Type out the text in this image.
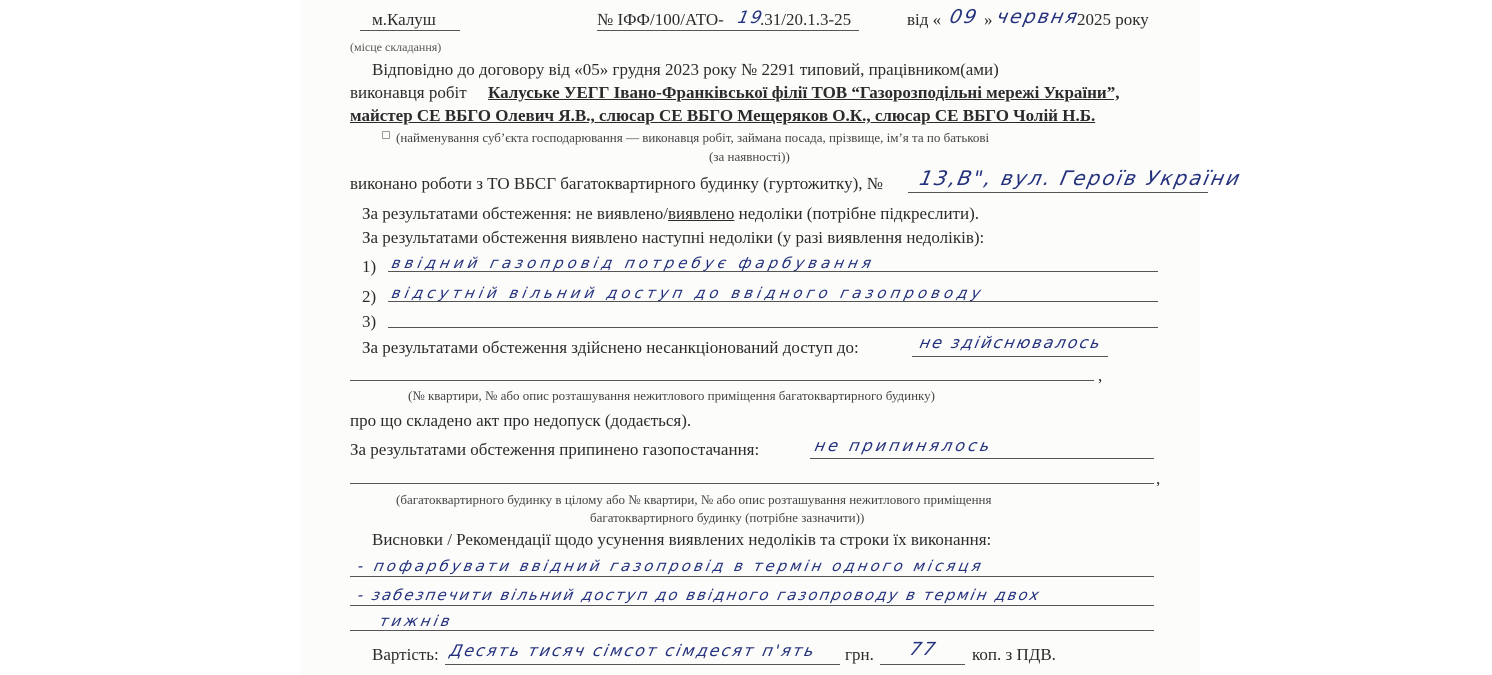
м.Калуш
(місце складання)
№ ІФФ/100/АТО- 19
.31/20.1.3-25	від « 09 » червня
2025 року
Відповідно до договору від «05» грудня 2023 року № 2291 типовий, працівником(ами)
виконавця робіт Калуське УЕГГ Івано-Франківської філії ТОВ “Газорозподільні мережі України”,
майстер СЕ ВБГО Олевич Я.В., слюсар СЕ ВБГО Мещеряков О.К., слюсар СЕ ВБГО Чолій Н.Б.
(найменування суб’єкта господарювання — виконавця робіт, займана посада, прізвище, ім’я та по батькові
(за наявності))
виконано роботи з ТО ВБСГ багатоквартирного будинку (гуртожитку), № 13,В", вул. Героїв України
За результатами обстеження: не виявлено/виявлено недоліки (потрібне підкреслити).
За результатами обстеження виявлено наступні недоліки (у разі виявлення недоліків):
1) ввідний газопровід потребує фарбування
2) відсутній вільний доступ до ввідного газопроводу
3)
За результатами обстеження здійснено несанкціонований доступ до:	не здійснювалось
,
(№ квартири, № або опис розташування нежитлового приміщення багатоквартирного будинку)
про що складено акт про недопуск (додається).
За результатами обстеження припинено газопостачання:	не припинялось
,
(багатоквартирного будинку в цілому або № квартири, № або опис розташування нежитлового приміщення
багатоквартирного будинку (потрібне зазначити))
Висновки / Рекомендації щодо усунення виявлених недоліків та строки їх виконання:
- пофарбувати ввідний газопровід в термін одного місяця
- забезпечити вільний доступ до ввідного газопроводу в термін двох
тижнів
Вартість: Десять тисяч сімсот сімдесят п'ять грн. 77 коп. з ПДВ.
